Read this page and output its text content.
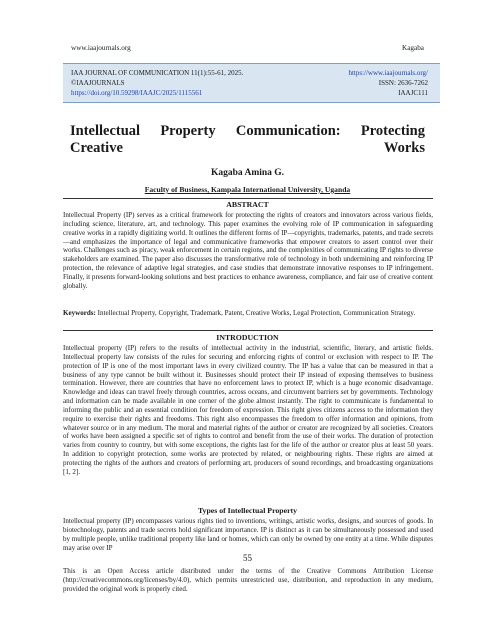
www.iaajournals.org	Kagaba
IAA JOURNAL OF COMMUNICATION 11(1):55-61, 2025.
©IAAJOURNALS
https://doi.org/10.59298/IAAJC/2025/1115561
https://www.iaajournals.org/
ISSN: 2636-7262
IAAJC111
Intellectual Property Communication: Protecting
Creative Works
Kagaba Amina G.
Faculty of Business, Kampala International University, Uganda
ABSTRACT
Intellectual Property (IP) serves as a critical framework for protecting the rights of creators and innovators across various fields, including science, literature, art, and technology. This paper examines the evolving role of IP communication in safeguarding creative works in a rapidly digitizing world. It outlines the different forms of IP—copyrights, trademarks, patents, and trade secrets—and emphasizes the importance of legal and communicative frameworks that empower creators to assert control over their works. Challenges such as piracy, weak enforcement in certain regions, and the complexities of communicating IP rights to diverse stakeholders are examined. The paper also discusses the transformative role of technology in both undermining and reinforcing IP protection, the relevance of adaptive legal strategies, and case studies that demonstrate innovative responses to IP infringement. Finally, it presents forward-looking solutions and best practices to enhance awareness, compliance, and fair use of creative content globally.
Keywords: Intellectual Property, Copyright, Trademark, Patent, Creative Works, Legal Protection, Communication Strategy.
INTRODUCTION
Intellectual property (IP) refers to the results of intellectual activity in the industrial, scientific, literary, and artistic fields. Intellectual property law consists of the rules for securing and enforcing rights of control or exclusion with respect to IP. The protection of IP is one of the most important laws in every civilized country. The IP has a value that can be measured in that a business of any type cannot be built without it. Businesses should protect their IP instead of exposing themselves to business termination. However, there are countries that have no enforcement laws to protect IP, which is a huge economic disadvantage. Knowledge and ideas can travel freely through countries, across oceans, and circumvent barriers set by governments. Technology and information can be made available in one corner of the globe almost instantly. The right to communicate is fundamental to informing the public and an essential condition for freedom of expression. This right gives citizens access to the information they require to exercise their rights and freedoms. This right also encompasses the freedom to offer information and opinions, from whatever source or in any medium. The moral and material rights of the author or creator are recognized by all societies. Creators of works have been assigned a specific set of rights to control and benefit from the use of their works. The duration of protection varies from country to country, but with some exceptions, the rights last for the life of the author or creator plus at least 50 years. In addition to copyright protection, some works are protected by related, or neighbouring rights. These rights are aimed at protecting the rights of the authors and creators of performing art, producers of sound recordings, and broadcasting organizations [1, 2].
Types of Intellectual Property
Intellectual property (IP) encompasses various rights tied to inventions, writings, artistic works, designs, and sources of goods. In biotechnology, patents and trade secrets hold significant importance. IP is distinct as it can be simultaneously possessed and used by multiple people, unlike traditional property like land or homes, which can only be owned by one entity at a time. While disputes may arise over IP
55
This is an Open Access article distributed under the terms of the Creative Commons Attribution License (http://creativecommons.org/licenses/by/4.0), which permits unrestricted use, distribution, and reproduction in any medium, provided the original work is properly cited.
